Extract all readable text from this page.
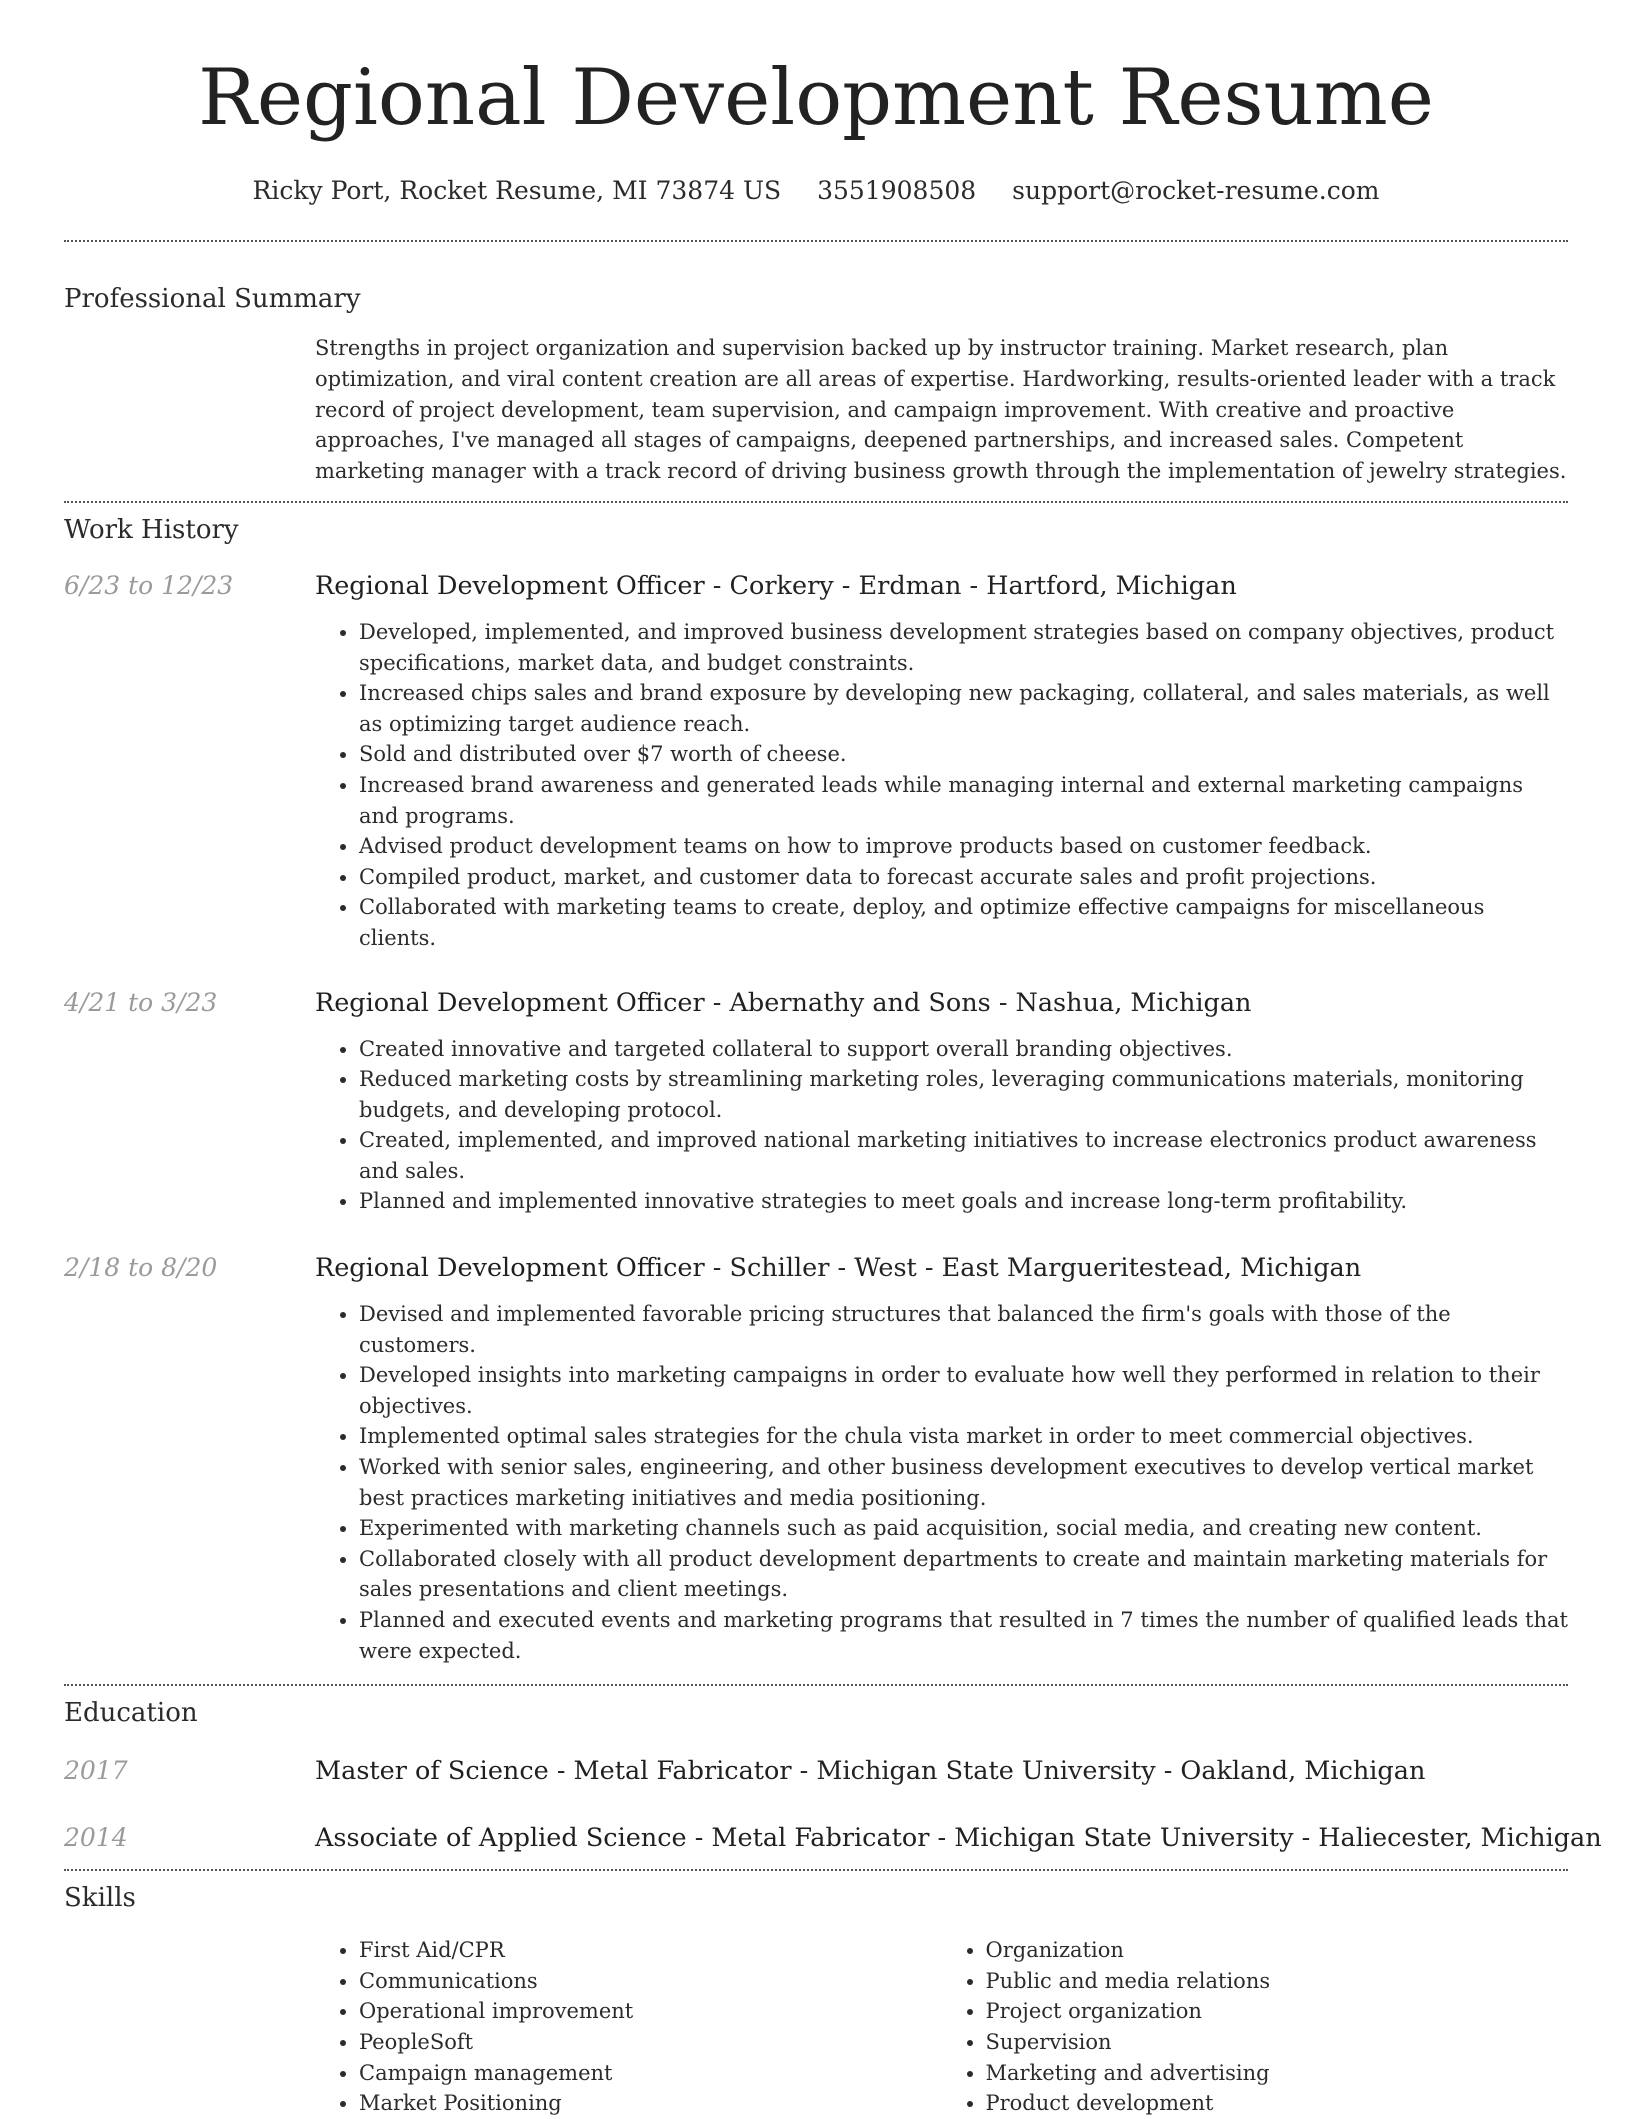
Regional Development Resume
Ricky Port, Rocket Resume, MI 73874 US 3551908508 support@rocket-resume.com
Professional Summary

Strengths in project organization and supervision backed up by instructor training. Market research, plan optimization, and viral content creation are all areas of expertise. Hardworking, results-oriented leader with a track record of project development, team supervision, and campaign improvement. With creative and proactive approaches, I've managed all stages of campaigns, deepened partnerships, and increased sales. Competent marketing manager with a track record of driving business growth through the implementation of jewelry strategies.

Work History
6/23 to 12/23	Regional Development Officer - Corkery - Erdman - Hartford, Michigan
• Developed, implemented, and improved business development strategies based on company objectives, product specifications, market data, and budget constraints.
• Increased chips sales and brand exposure by developing new packaging, collateral, and sales materials, as well as optimizing target audience reach.
• Sold and distributed over $7 worth of cheese.
• Increased brand awareness and generated leads while managing internal and external marketing campaigns and programs.
• Advised product development teams on how to improve products based on customer feedback.
• Compiled product, market, and customer data to forecast accurate sales and profit projections.
• Collaborated with marketing teams to create, deploy, and optimize effective campaigns for miscellaneous clients.
4/21 to 3/23	Regional Development Officer - Abernathy and Sons - Nashua, Michigan
• Created innovative and targeted collateral to support overall branding objectives.
• Reduced marketing costs by streamlining marketing roles, leveraging communications materials, monitoring budgets, and developing protocol.
• Created, implemented, and improved national marketing initiatives to increase electronics product awareness and sales.
• Planned and implemented innovative strategies to meet goals and increase long-term profitability.
2/18 to 8/20	Regional Development Officer - Schiller - West - East Margueritestead, Michigan
• Devised and implemented favorable pricing structures that balanced the firm's goals with those of the customers.
• Developed insights into marketing campaigns in order to evaluate how well they performed in relation to their objectives.
• Implemented optimal sales strategies for the chula vista market in order to meet commercial objectives.
• Worked with senior sales, engineering, and other business development executives to develop vertical market best practices marketing initiatives and media positioning.
• Experimented with marketing channels such as paid acquisition, social media, and creating new content.
• Collaborated closely with all product development departments to create and maintain marketing materials for sales presentations and client meetings.
• Planned and executed events and marketing programs that resulted in 7 times the number of qualified leads that were expected.
Education
2017	Master of Science - Metal Fabricator - Michigan State University - Oakland, Michigan
2014	Associate of Applied Science - Metal Fabricator - Michigan State University - Haliecester, Michigan
Skills
• First Aid/CPR
• Communications
• Operational improvement
• PeopleSoft
• Campaign management
• Market Positioning
• Organization
• Public and media relations
• Project organization
• Supervision
• Marketing and advertising
• Product development
